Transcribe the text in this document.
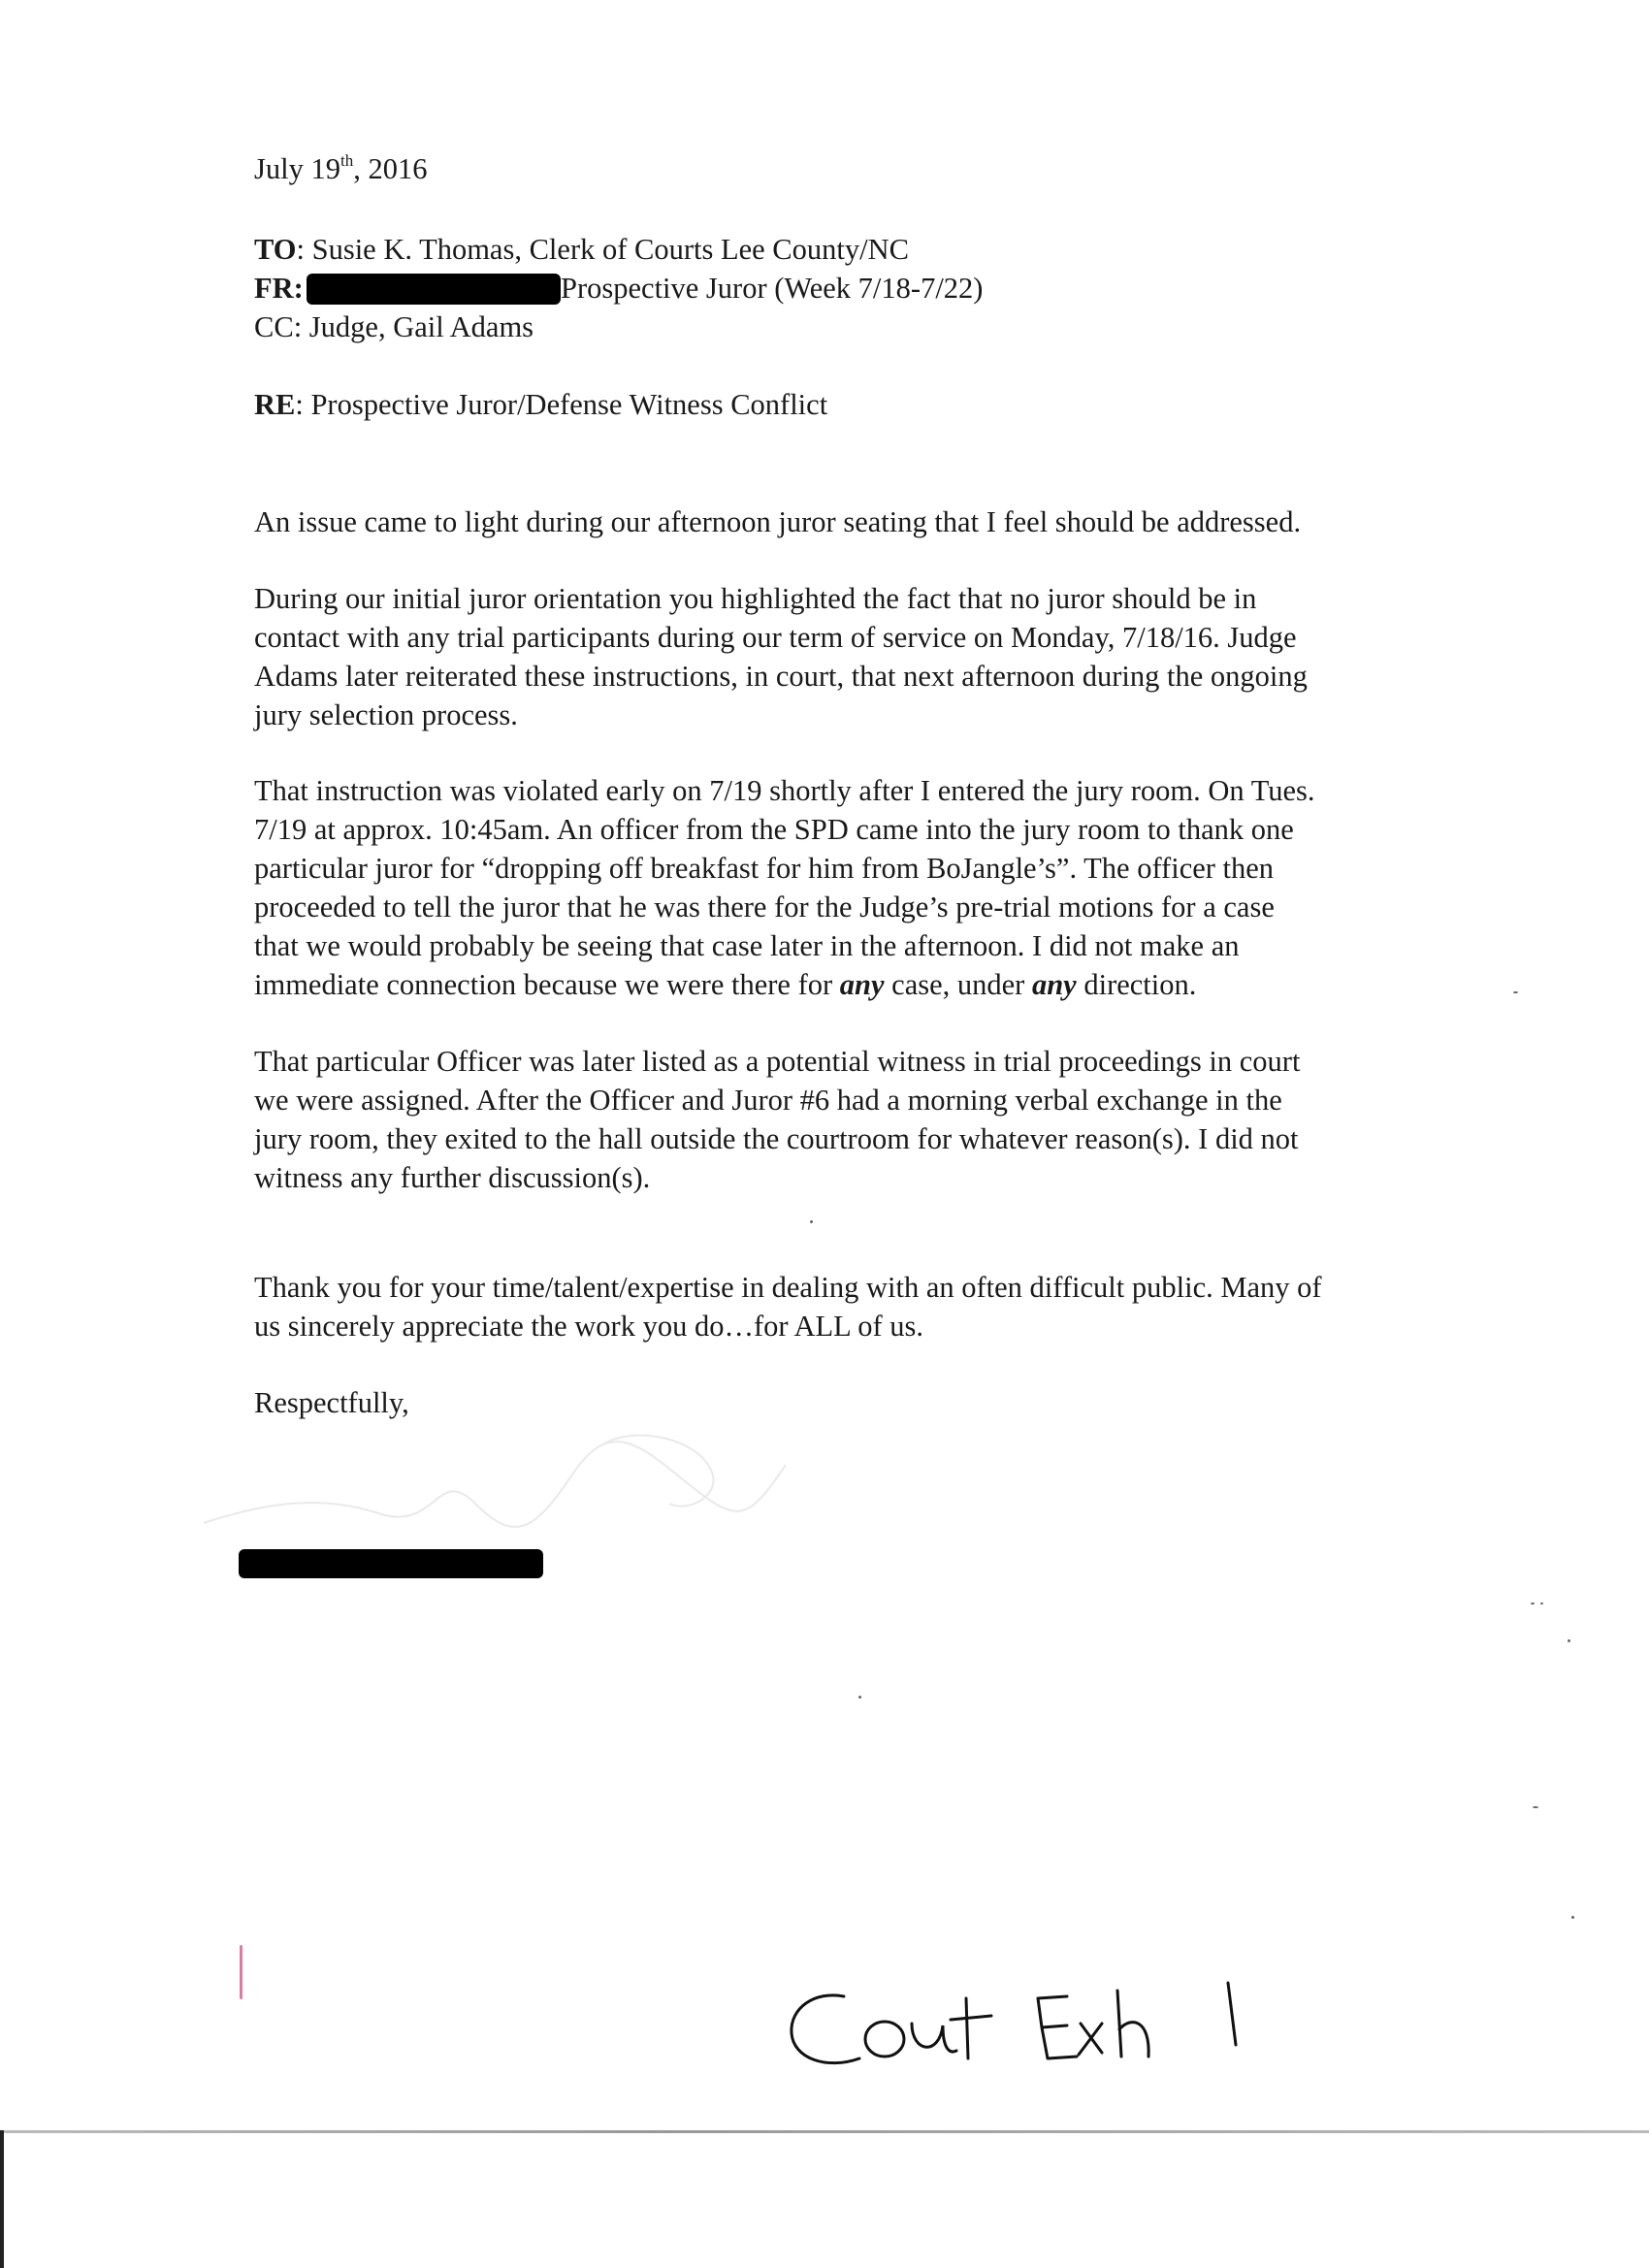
July 19th, 2016
TO: Susie K. Thomas, Clerk of Courts Lee County/NC
FR:	Prospective Juror (Week 7/18-7/22)
CC: Judge, Gail Adams
RE: Prospective Juror/Defense Witness Conflict
An issue came to light during our afternoon juror seating that I feel should be addressed.
During our initial juror orientation you highlighted the fact that no juror should be in
contact with any trial participants during our term of service on Monday, 7/18/16. Judge
Adams later reiterated these instructions, in court, that next afternoon during the ongoing
jury selection process.
That instruction was violated early on 7/19 shortly after I entered the jury room. On Tues.
7/19 at approx. 10:45am. An officer from the SPD came into the jury room to thank one
particular juror for “dropping off breakfast for him from BoJangle’s”. The officer then
proceeded to tell the juror that he was there for the Judge’s pre-trial motions for a case
that we would probably be seeing that case later in the afternoon. I did not make an
immediate connection because we were there for any case, under any direction.
That particular Officer was later listed as a potential witness in trial proceedings in court
we were assigned. After the Officer and Juror #6 had a morning verbal exchange in the
jury room, they exited to the hall outside the courtroom for whatever reason(s). I did not
witness any further discussion(s).
Thank you for your time/talent/expertise in dealing with an often difficult public. Many of
us sincerely appreciate the work you do…for ALL of us.
Respectfully,
